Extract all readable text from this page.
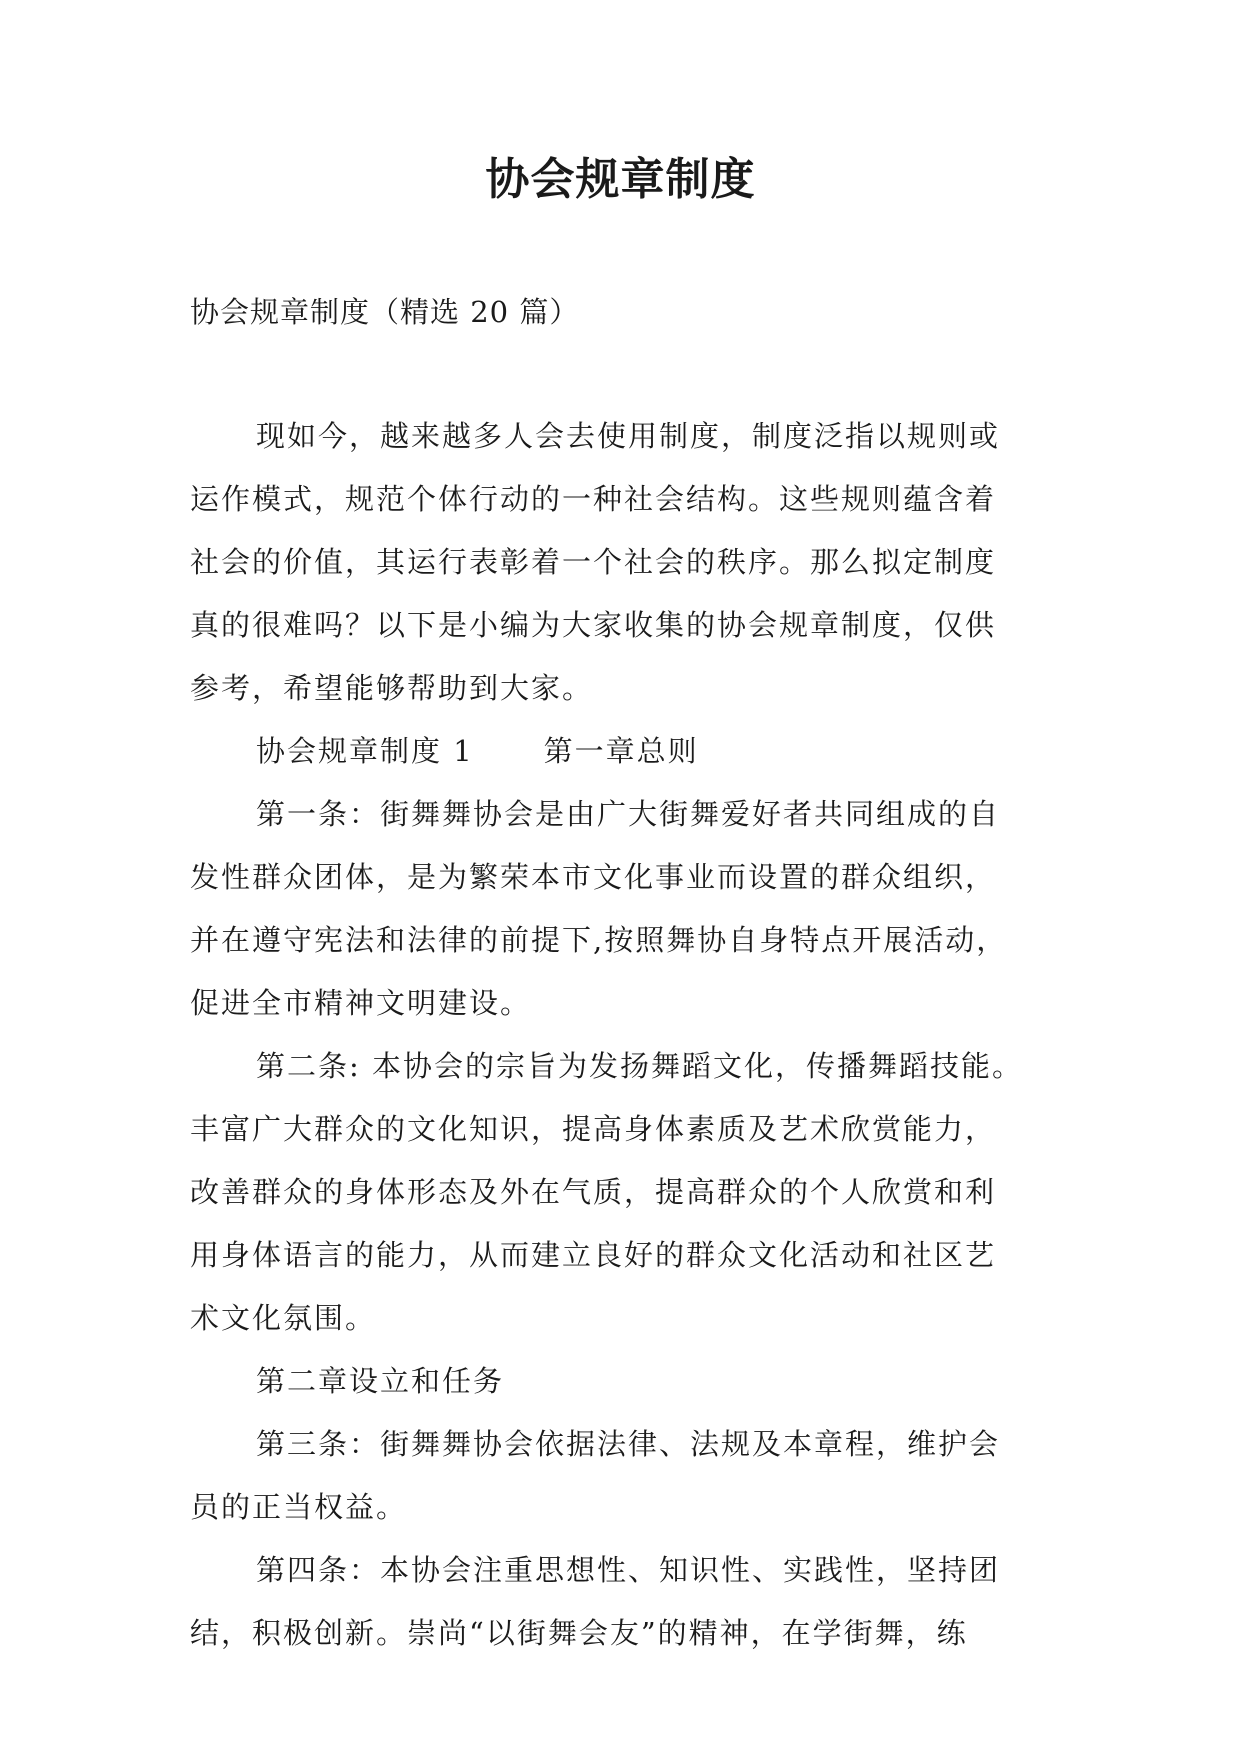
协会规章制度
协会规章制度（精选 20 篇）
现如今，越来越多人会去使用制度，制度泛指以规则或
运作模式，规范个体行动的一种社会结构。这些规则蕴含着
社会的价值，其运行表彰着一个社会的秩序。那么拟定制度
真的很难吗？以下是小编为大家收集的协会规章制度，仅供
参考，希望能够帮助到大家。
协会规章制度 1 第一章总则
第一条：街舞舞协会是由广大街舞爱好者共同组成的自
发性群众团体，是为繁荣本市文化事业而设置的群众组织，
并在遵守宪法和法律的前提下,按照舞协自身特点开展活动，
促进全市精神文明建设。
第二条: 本协会的宗旨为发扬舞蹈文化，传播舞蹈技能。
丰富广大群众的文化知识，提高身体素质及艺术欣赏能力，
改善群众的身体形态及外在气质，提高群众的个人欣赏和利
用身体语言的能力，从而建立良好的群众文化活动和社区艺
术文化氛围。
第二章设立和任务
第三条：街舞舞协会依据法律、法规及本章程，维护会
员的正当权益。
第四条：本协会注重思想性、知识性、实践性，坚持团
结，积极创新。崇尚“以街舞会友”的精神，在学街舞，练
